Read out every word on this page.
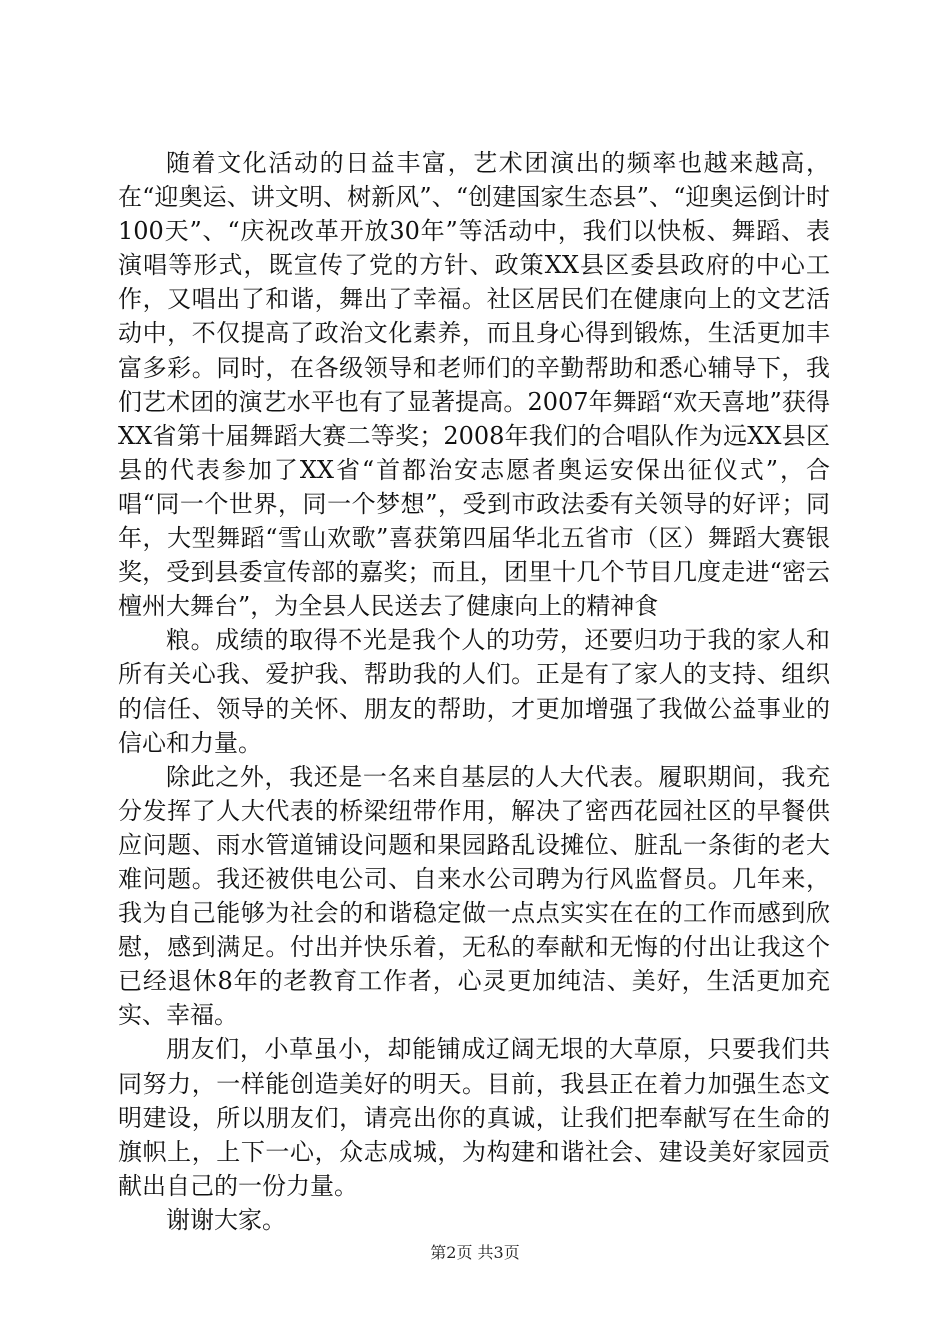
随着文化活动的日益丰富，艺术团演出的频率也越来越高，在“迎奥运、讲文明、树新风”、“创建国家生态县”、“迎奥运倒计时100天”、“庆祝改革开放30年”等活动中，我们以快板、舞蹈、表演唱等形式，既宣传了党的方针、政策XX县区委县政府的中心工作，又唱出了和谐，舞出了幸福。社区居民们在健康向上的文艺活动中，不仅提高了政治文化素养，而且身心得到锻炼，生活更加丰富多彩。同时，在各级领导和老师们的辛勤帮助和悉心辅导下，我们艺术团的演艺水平也有了显著提高。2007年舞蹈“欢天喜地”获得XX省第十届舞蹈大赛二等奖；2008年我们的合唱队作为远XX县区县的代表参加了XX省“首都治安志愿者奥运安保出征仪式”，合唱“同一个世界，同一个梦想”，受到市政法委有关领导的好评；同年，大型舞蹈“雪山欢歌”喜获第四届华北五省市（区）舞蹈大赛银奖，受到县委宣传部的嘉奖；而且，团里十几个节目几度走进“密云檀州大舞台”，为全县人民送去了健康向上的精神食

粮。成绩的取得不光是我个人的功劳，还要归功于我的家人和所有关心我、爱护我、帮助我的人们。正是有了家人的支持、组织的信任、领导的关怀、朋友的帮助，才更加增强了我做公益事业的信心和力量。

除此之外，我还是一名来自基层的人大代表。履职期间，我充分发挥了人大代表的桥梁纽带作用，解决了密西花园社区的早餐供应问题、雨水管道铺设问题和果园路乱设摊位、脏乱一条街的老大难问题。我还被供电公司、自来水公司聘为行风监督员。几年来，我为自己能够为社会的和谐稳定做一点点实实在在的工作而感到欣慰，感到满足。付出并快乐着，无私的奉献和无悔的付出让我这个已经退休8年的老教育工作者，心灵更加纯洁、美好，生活更加充实、幸福。

朋友们，小草虽小，却能铺成辽阔无垠的大草原，只要我们共同努力，一样能创造美好的明天。目前，我县正在着力加强生态文明建设，所以朋友们，请亮出你的真诚，让我们把奉献写在生命的旗帜上，上下一心，众志成城，为构建和谐社会、建设美好家园贡献出自己的一份力量。

谢谢大家。

第2页 共3页
